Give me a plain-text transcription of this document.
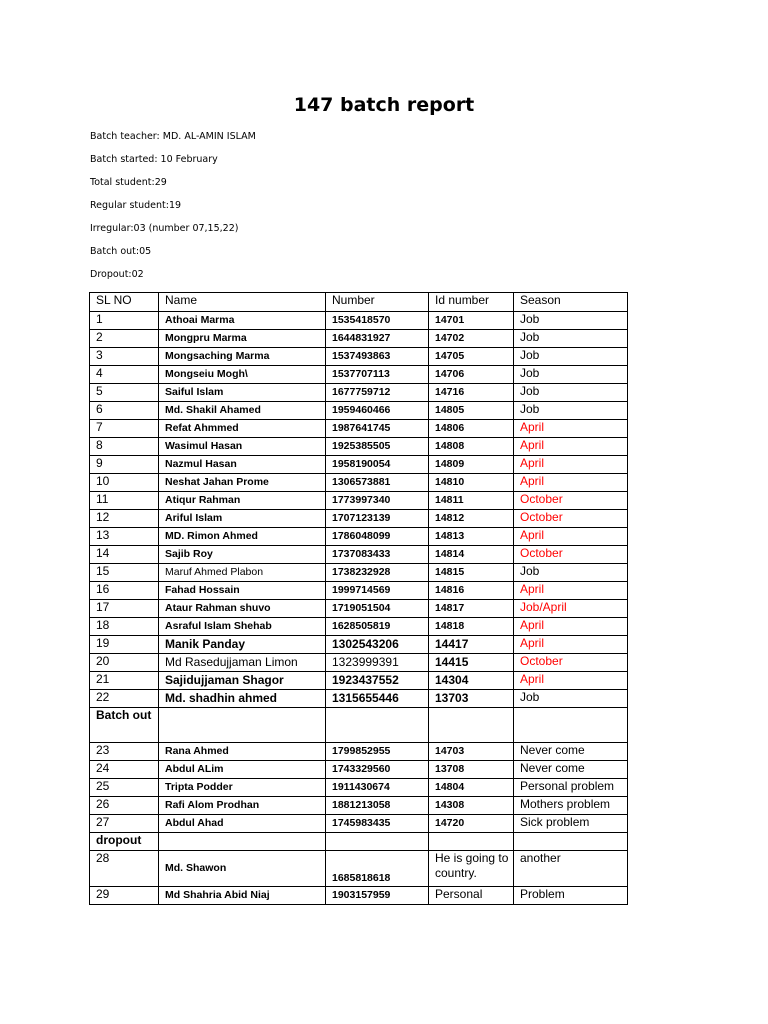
147 batch report
Batch teacher: MD. AL-AMIN ISLAM
Batch started: 10 February
Total student:29
Regular student:19
Irregular:03 (number 07,15,22)
Batch out:05
Dropout:02
SL NO	Name	Number	Id number	Season
1	Athoai Marma	1535418570	14701	Job
2	Mongpru Marma	1644831927	14702	Job
3	Mongsaching Marma	1537493863	14705	Job
4	Mongseiu Mogh\	1537707113	14706	Job
5	Saiful Islam	1677759712	14716	Job
6	Md. Shakil Ahamed	1959460466	14805	Job
7	Refat Ahmmed	1987641745	14806	April
8	Wasimul Hasan	1925385505	14808	April
9	Nazmul Hasan	1958190054	14809	April
10	Neshat Jahan Prome	1306573881	14810	April
11	Atiqur Rahman	1773997340	14811	October
12	Ariful Islam	1707123139	14812	October
13	MD. Rimon Ahmed	1786048099	14813	April
14	Sajib Roy	1737083433	14814	October
15	Maruf Ahmed Plabon	1738232928	14815	Job
16	Fahad Hossain	1999714569	14816	April
17	Ataur Rahman shuvo	1719051504	14817	Job/April
18	Asraful Islam Shehab	1628505819	14818	April
19	Manik Panday	1302543206	14417	April
20	Md Rasedujjaman Limon	1323999391	14415	October
21	Sajidujjaman Shagor	1923437552	14304	April
22	Md. shadhin ahmed	1315655446	13703	Job
Batch out				
23	Rana Ahmed	1799852955	14703	Never come
24	Abdul ALim	1743329560	13708	Never come
25	Tripta Podder	1911430674	14804	Personal problem
26	Rafi Alom Prodhan	1881213058	14308	Mothers problem
27	Abdul Ahad	1745983435	14720	Sick problem
dropout				
28	Md. Shawon	1685818618	He is going to country.	another
29	Md Shahria Abid Niaj	1903157959	Personal	Problem
